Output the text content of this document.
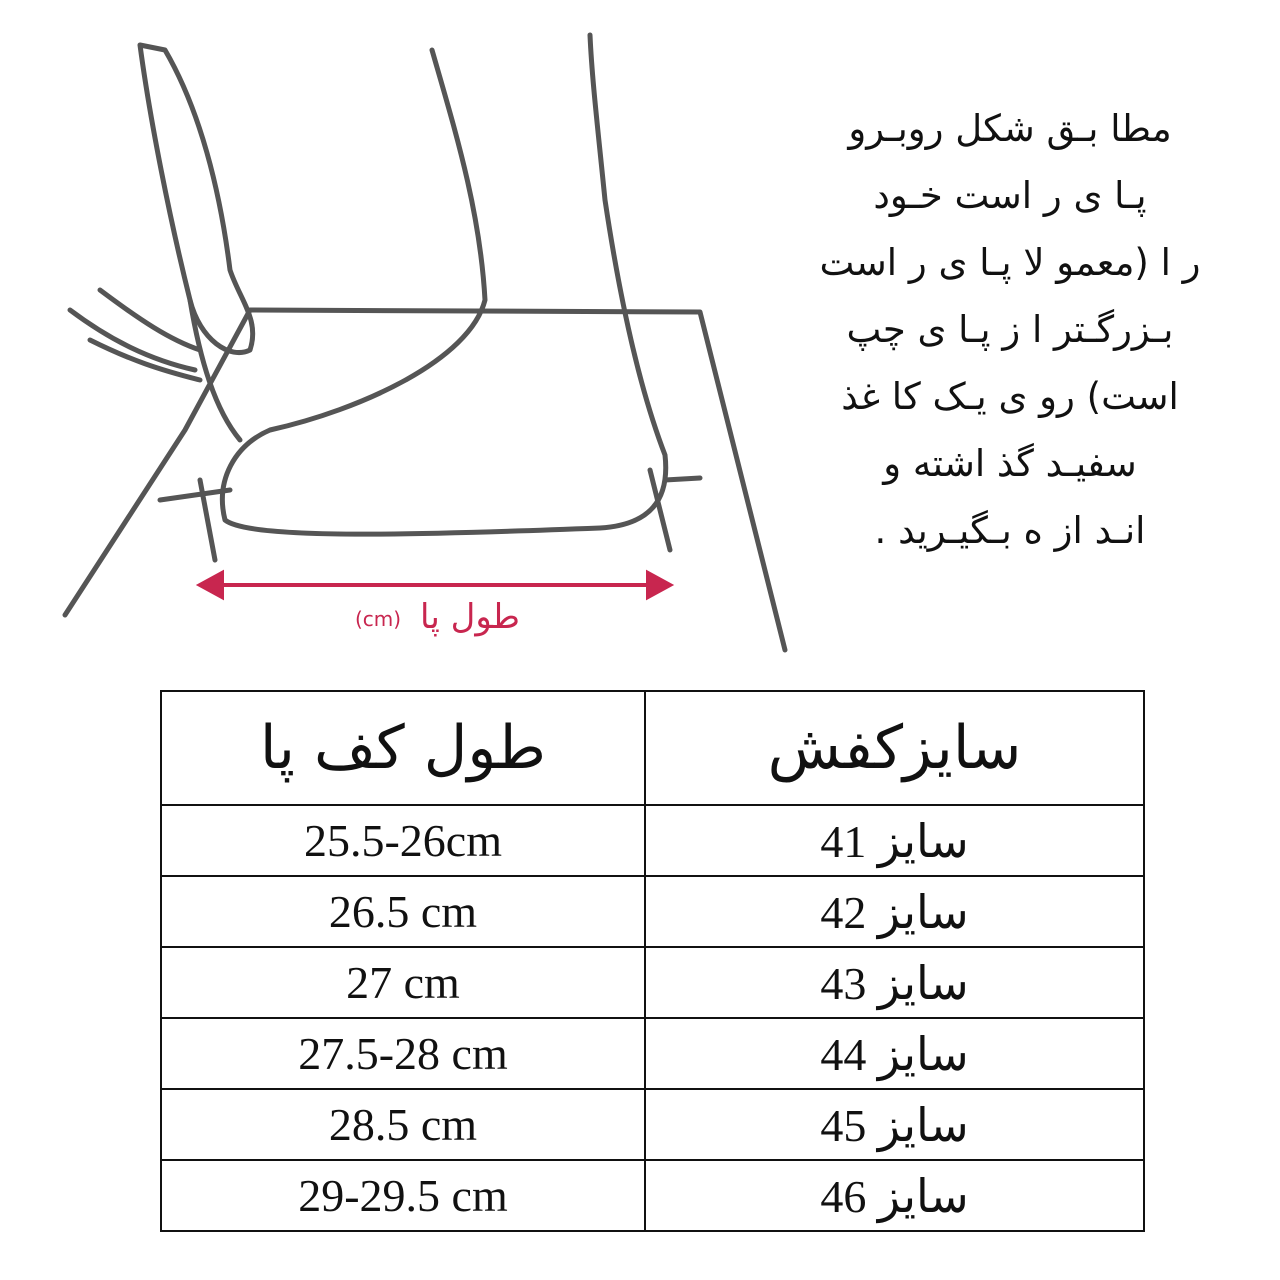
طول پا
(cm)
مطا بـق شکل روبـرو
پـا ی ر است خـود
ر ا (معمو لا پـا ی ر است
بـزرگـتر ا ز پـا ی چپ
است) رو ی یـک کا غذ
سفیـد گذ اشته و
انـد از ه بـگیـرید .
طول کف پا	سایزکفش
25.5-26cm	سایز 41
26.5 cm	سایز 42
27 cm	سایز 43
27.5-28 cm	سایز 44
28.5 cm	سایز 45
29-29.5 cm	سایز 46
